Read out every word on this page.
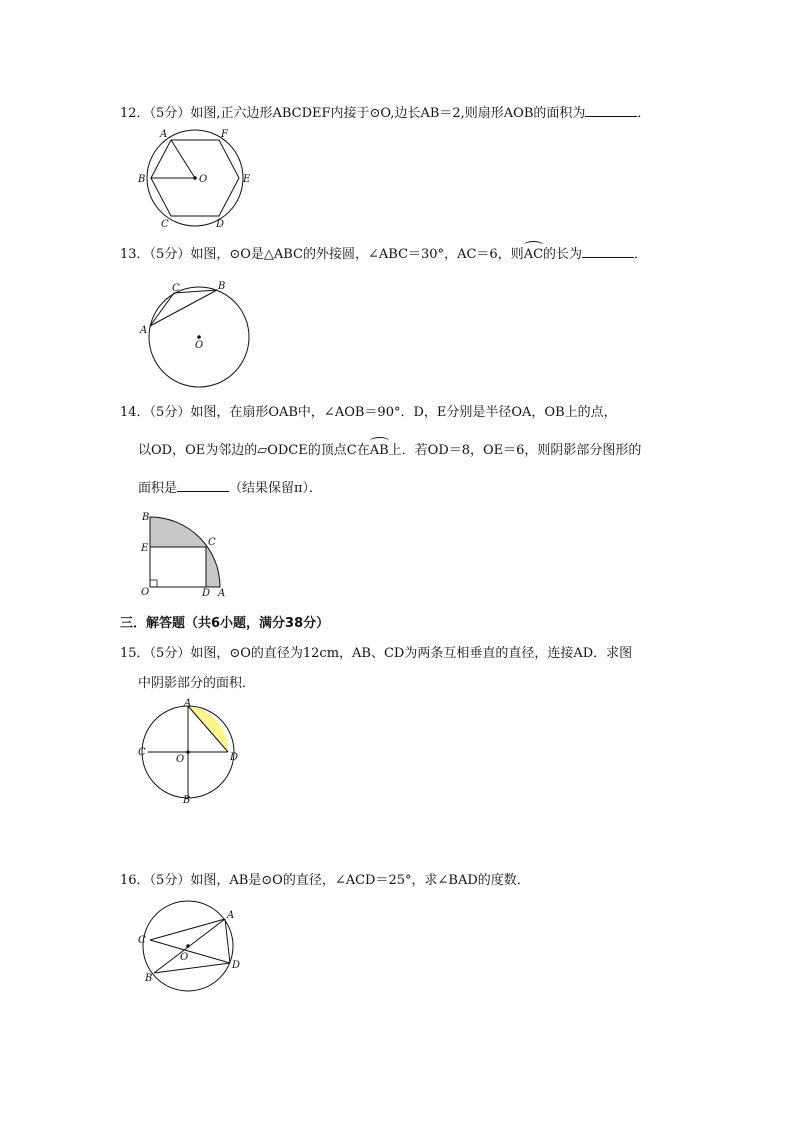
12．（5分）如图,正六边形ABCDEF内接于⊙O,边长AB＝2,则扇形AOB的面积为	．
A	F
B	O	E
C	D
13．（5分）如图，⊙O是△ABC的外接圆，∠ABC＝30°，AC＝6，则AC的长为	．
C	B
A
O
14．（5分）如图，在扇形OAB中，∠AOB＝90°．D，E分别是半径OA，OB上的点，
以OD，OE为邻边的▱ODCE的顶点C在AB上．若OD＝8，OE＝6，则阴影部分图形的
面积是	（结果保留π）．
B
C
E
O	D A
三．解答题（共6小题，满分38分）
15．（5分）如图，⊙O的直径为12cm，AB、CD为两条互相垂直的直径，连接AD．求图
中阴影部分的面积．
A
C
O	D
B
16．（5分）如图，AB是⊙O的直径，∠ACD＝25°，求∠BAD的度数．
A
C
O
D
B
